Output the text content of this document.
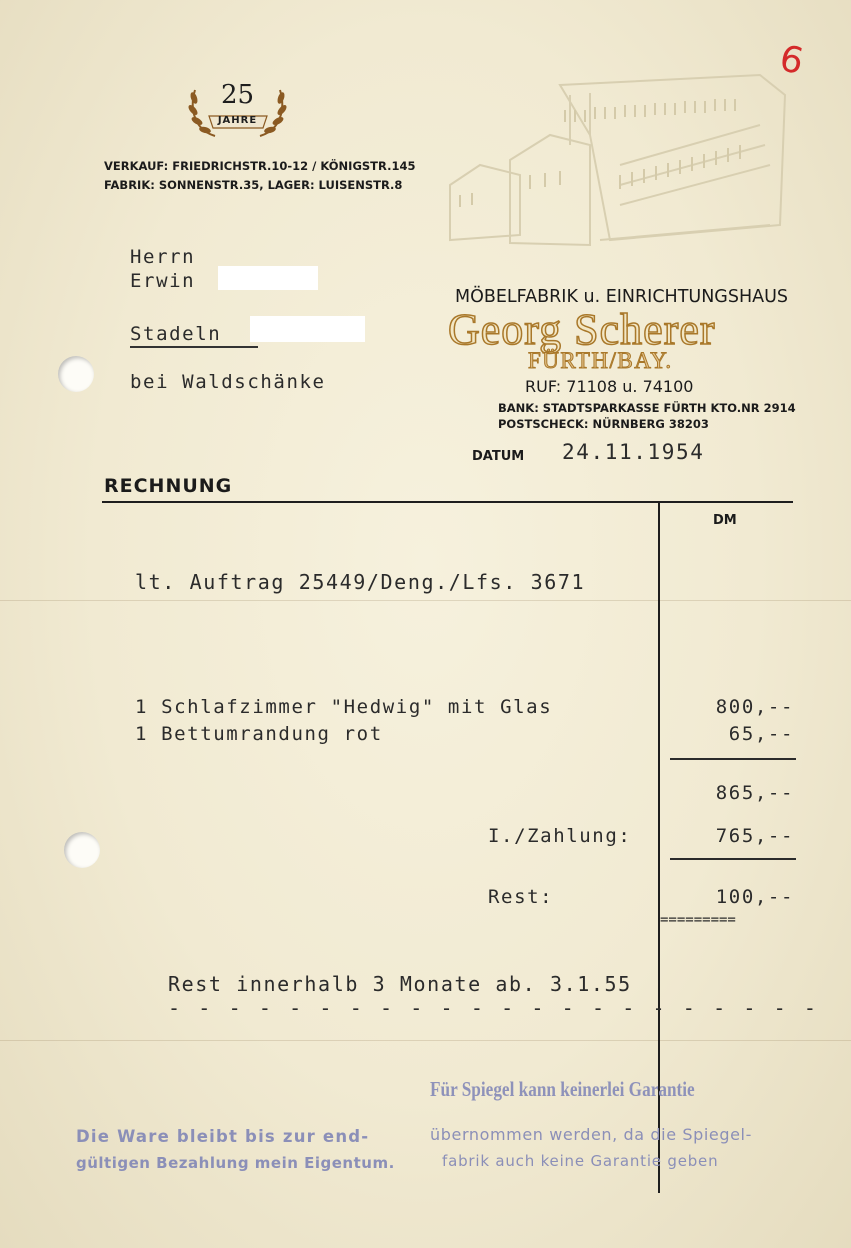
6
25
JAHRE
VERKAUF: FRIEDRICHSTR.10-12 / KÖNIGSTR.145
FABRIK: SONNENSTR.35, LAGER: LUISENSTR.8
Herrn
Erwin
Stadeln
bei Waldschänke
MÖBELFABRIK u. EINRICHTUNGSHAUS
Georg Scherer
FÜRTH/BAY.
RUF: 71108 u. 74100
BANK: STADTSPARKASSE FÜRTH KTO.NR 2914
POSTSCHECK: NÜRNBERG 38203
DATUM 24.11.1954
RECHNUNG
DM
lt. Auftrag 25449/Deng./Lfs. 3671
1 Schlafzimmer "Hedwig" mit Glas	800,--
1 Bettumrandung rot	65,--
865,--
I./Zahlung:	765,--
Rest:	100,--
=========
Rest innerhalb 3 Monate ab. 3.1.55
- - - - - - - - - - - - - - - - - - - - - -
Die Ware bleibt bis zur end-
gültigen Bezahlung mein Eigentum.
Für Spiegel kann keinerlei Garantie
übernommen werden, da die Spiegel-
fabrik auch keine Garantie geben
